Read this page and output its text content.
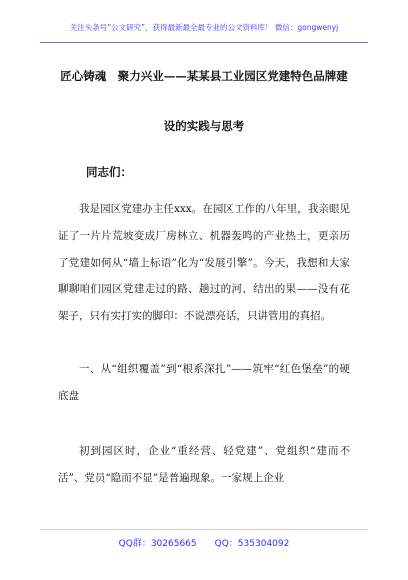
关注头条号“公文研究”，获得最新最全最专业的公文资料库！ 微信：gongwenyj
匠心铸魂　聚力兴业——某某县工业园区党建特色品牌建
设的实践与思考
同志们：

我是园区党建办主任xxx。在园区工作的八年里，我亲眼见证了一片片荒坡变成厂房林立、机器轰鸣的产业热土，更亲历了党建如何从“墙上标语”化为“发展引擎”。今天，我想和大家聊聊咱们园区党建走过的路、趟过的河、结出的果——没有花架子，只有实打实的脚印：不说漂亮话，只讲管用的真招。

一、从“组织覆盖”到“根系深扎”——筑牢“红色堡垒”的硬底盘

初到园区时，企业“重经营、轻党建”、党组织“建而不活”、党员“隐而不显”是普遍现象。一家规上企业

QQ群：30265665 QQ：535304092
